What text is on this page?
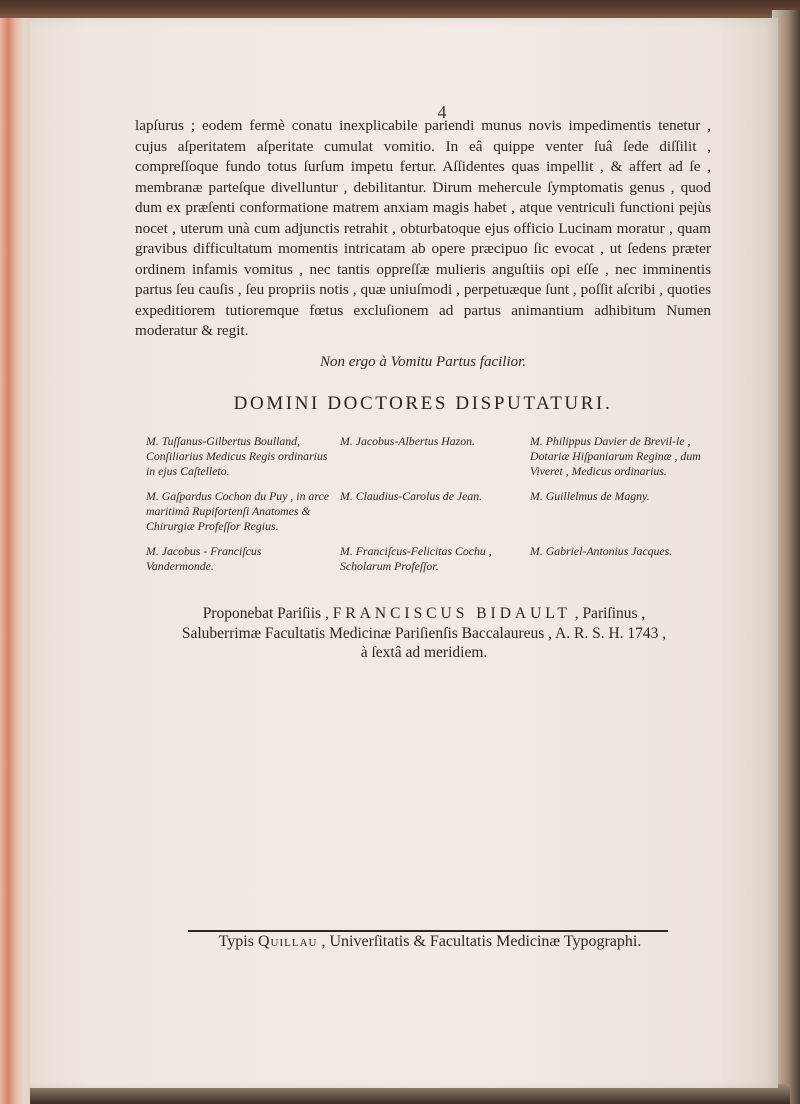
4

lapſurus ; eodem fermè conatu inexplicabile pariendi munus novis impedimentis tenetur , cujus aſperitatem aſperitate cumulat vomitio. In eâ quippe venter ſuâ ſede diſſilit , compreſſoque fundo totus ſurſum impetu fertur. Aſſidentes quas impellit , & affert ad ſe , membranæ parteſque divelluntur , debilitantur. Dirum mehercule ſymptomatis genus , quod dum ex præſenti conformatione matrem anxiam magis habet , atque ventriculi functioni pejùs nocet , uterum unà cum adjunctis retrahit , obturbatoque ejus officio Lucinam moratur , quam gravibus difficultatum momentis intricatam ab opere præcipuo ſic evocat , ut ſedens præter ordinem infamis vomitus , nec tantis oppreſſæ mulieris anguſtiis opi eſſe , nec imminentis partus ſeu cauſis , ſeu propriis notis , quæ uniuſmodi , perpetuæque ſunt , poſſit aſcribi , quoties expeditiorem tutioremque fœtus excluſionem ad partus animantium adhibitum Numen moderatur & regit.

Non ergo à Vomitu Partus facilior.
DOMINI DOCTORES DISPUTATURI.
M. Tuſſanus-Gilbertus Boulland, Conſiliarius Medicus Regis ordinarius in ejus Caſtelleto.
M. Jacobus-Albertus Hazon.	M. Philippus Davier de Brevil-le , Dotariæ Hiſpaniarum Reginæ , dum Viveret , Medicus ordinarius.
M. Gaſpardus Cochon du Puy , in arce maritimâ Rupifortenſi Anatomes & Chirurgiæ Profeſſor Regius.
M. Claudius-Carolus de Jean.	M. Guillelmus de Magny.
M. Jacobus - Franciſcus Vandermonde.
M. Franciſcus-Felicitas Cochu , Scholarum Profeſſor.
M. Gabriel-Antonius Jacques.
Proponebat Pariſiis , FRANCISCUS BIDAULT , Pariſinus ,
Saluberrimæ Facultatis Medicinæ Pariſienſis Baccalaureus , A. R. S. H. 1743 ,
à ſextâ ad meridiem.
Typis Quillau , Univerſitatis & Facultatis Medicinæ Typographi.
